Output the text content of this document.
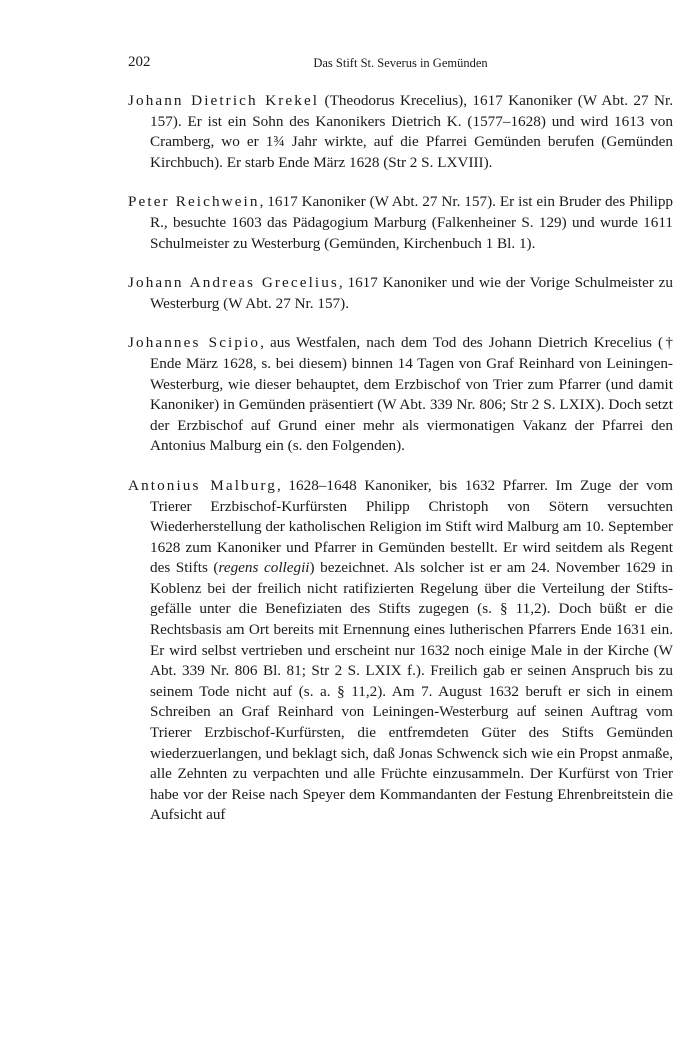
202	Das Stift St. Severus in Gemünden

Johann Dietrich Krekel (Theodorus Krecelius), 1617 Kanoniker (W Abt. 27 Nr. 157). Er ist ein Sohn des Kanonikers Dietrich K. (1577–1628) und wird 1613 von Cramberg, wo er 1¾ Jahr wirkte, auf die Pfarrei Gemünden berufen (Gemünden Kirchbuch). Er starb Ende März 1628 (Str 2 S. LXVIII).

Peter Reichwein, 1617 Kanoniker (W Abt. 27 Nr. 157). Er ist ein Bruder des Philipp R., besuchte 1603 das Pädagogium Marburg (Falkenheiner S. 129) und wurde 1611 Schulmeister zu Westerburg (Gemünden, Kirchenbuch 1 Bl. 1).

Johann Andreas Grecelius, 1617 Kanoniker und wie der Vorige Schulmeister zu Westerburg (W Abt. 27 Nr. 157).

Johannes Scipio, aus Westfalen, nach dem Tod des Johann Dietrich Krecelius († Ende März 1628, s. bei diesem) binnen 14 Tagen von Graf Reinhard von Leiningen-Westerburg, wie dieser behauptet, dem Erzbischof von Trier zum Pfarrer (und damit Kanoniker) in Gemünden präsentiert (W Abt. 339 Nr. 806; Str 2 S. LXIX). Doch setzt der Erzbischof auf Grund einer mehr als viermonatigen Vakanz der Pfarrei den Antonius Malburg ein (s. den Folgenden).

Antonius Malburg, 1628–1648 Kanoniker, bis 1632 Pfarrer. Im Zuge der vom Trierer Erzbischof-Kurfürsten Philipp Christoph von Sötern versuchten Wiederherstellung der katholischen Religion im Stift wird Malburg am 10. September 1628 zum Kanoniker und Pfarrer in Gemünden bestellt. Er wird seitdem als Regent des Stifts (regens collegii) bezeichnet. Als solcher ist er am 24. November 1629 in Koblenz bei der freilich nicht ratifizierten Regelung über die Verteilung der Stiftsgefälle unter die Benefiziaten des Stifts zugegen (s. § 11,2). Doch büßt er die Rechtsbasis am Ort bereits mit Ernennung eines lutherischen Pfarrers Ende 1631 ein. Er wird selbst vertrieben und erscheint nur 1632 noch einige Male in der Kirche (W Abt. 339 Nr. 806 Bl. 81; Str 2 S. LXIX f.). Freilich gab er seinen Anspruch bis zu seinem Tode nicht auf (s. a. § 11,2). Am 7. August 1632 beruft er sich in einem Schreiben an Graf Reinhard von Leiningen-Westerburg auf seinen Auftrag vom Trierer Erzbischof-Kurfürsten, die entfremdeten Güter des Stifts Gemünden wiederzuerlangen, und beklagt sich, daß Jonas Schwenck sich wie ein Propst anmaße, alle Zehnten zu verpachten und alle Früchte einzusammeln. Der Kurfürst von Trier habe vor der Reise nach Speyer dem Kommandanten der Festung Ehrenbreitstein die Aufsicht auf
